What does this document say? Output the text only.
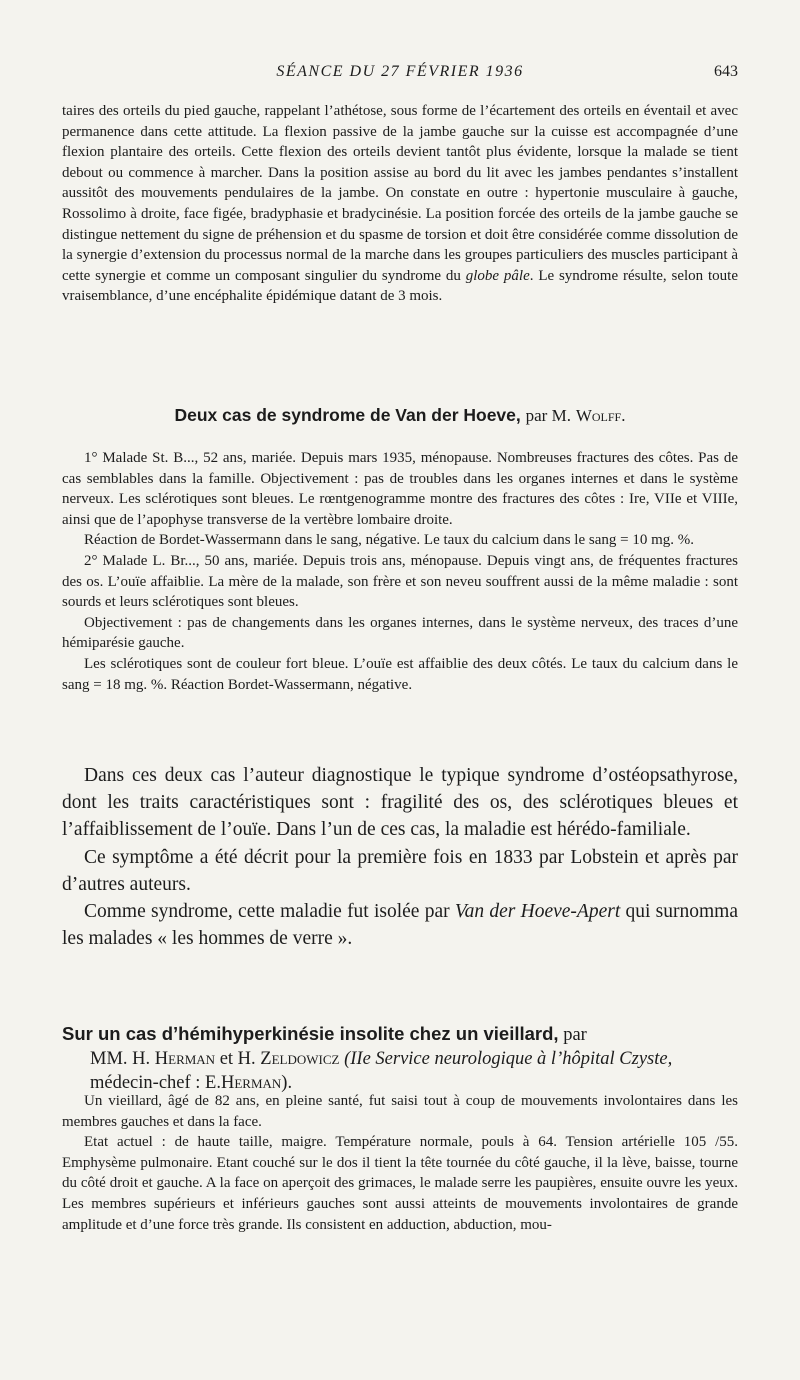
SÉANCE DU 27 FÉVRIER 1936	643

taires des orteils du pied gauche, rappelant l’athétose, sous forme de l’écartement des orteils en éventail et avec permanence dans cette attitude. La flexion passive de la jambe gauche sur la cuisse est accompagnée d’une flexion plantaire des orteils. Cette flexion des orteils devient tantôt plus évidente, lorsque la malade se tient debout ou commence à marcher. Dans la position assise au bord du lit avec les jambes pendantes s’installent aussitôt des mouvements pendulaires de la jambe. On constate en outre : hypertonie musculaire à gauche, Rossolimo à droite, face figée, bradyphasie et bradycinésie. La position forcée des orteils de la jambe gauche se distingue nettement du signe de préhension et du spasme de torsion et doit être considérée comme dissolution de la synergie d’extension du processus normal de la marche dans les groupes particuliers des muscles participant à cette synergie et comme un composant singulier du syndrome du globe pâle. Le syndrome résulte, selon toute vraisemblance, d’une encéphalite épidémique datant de 3 mois.

Deux cas de syndrome de Van der Hoeve, par M. Wolff.

1° Malade St. B..., 52 ans, mariée. Depuis mars 1935, ménopause. Nombreuses fractures des côtes. Pas de cas semblables dans la famille. Objectivement : pas de troubles dans les organes internes et dans le système nerveux. Les sclérotiques sont bleues. Le rœntgenogramme montre des fractures des côtes : Ire, VIIe et VIIIe, ainsi que de l’apophyse transverse de la vertèbre lombaire droite.

Réaction de Bordet-Wassermann dans le sang, négative. Le taux du calcium dans le sang = 10 mg. %.

2° Malade L. Br..., 50 ans, mariée. Depuis trois ans, ménopause. Depuis vingt ans, de fréquentes fractures des os. L’ouïe affaiblie. La mère de la malade, son frère et son neveu souffrent aussi de la même maladie : sont sourds et leurs sclérotiques sont bleues.

Objectivement : pas de changements dans les organes internes, dans le système nerveux, des traces d’une hémiparésie gauche.

Les sclérotiques sont de couleur fort bleue. L’ouïe est affaiblie des deux côtés. Le taux du calcium dans le sang = 18 mg. %. Réaction Bordet-Wassermann, négative.

Dans ces deux cas l’auteur diagnostique le typique syndrome d’ostéopsathyrose, dont les traits caractéristiques sont : fragilité des os, des sclérotiques bleues et l’affaiblissement de l’ouïe. Dans l’un de ces cas, la maladie est hérédo-familiale.

Ce symptôme a été décrit pour la première fois en 1833 par Lobstein et après par d’autres auteurs.

Comme syndrome, cette maladie fut isolée par Van der Hoeve-Apert qui surnomma les malades « les hommes de verre ».

Sur un cas d’hémihyperkinésie insolite chez un vieillard, par
MM. H. Herman et H. Zeldowicz (IIe Service neurologique à l’hôpital Czyste, médecin-chef : E.Herman).

Un vieillard, âgé de 82 ans, en pleine santé, fut saisi tout à coup de mouvements involontaires dans les membres gauches et dans la face.

Etat actuel : de haute taille, maigre. Température normale, pouls à 64. Tension artérielle 105 /55. Emphysème pulmonaire. Etant couché sur le dos il tient la tête tournée du côté gauche, il la lève, baisse, tourne du côté droit et gauche. A la face on aperçoit des grimaces, le malade serre les paupières, ensuite ouvre les yeux. Les membres supérieurs et inférieurs gauches sont aussi atteints de mouvements involontaires de grande amplitude et d’une force très grande. Ils consistent en adduction, abduction, mou-
